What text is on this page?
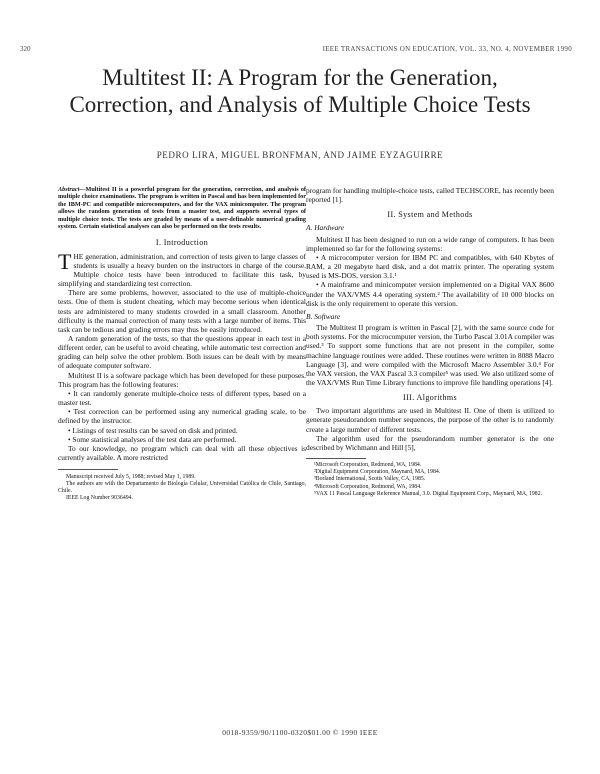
320	IEEE TRANSACTIONS ON EDUCATION, VOL. 33, NO. 4, NOVEMBER 1990
Multitest II: A Program for the Generation, Correction, and Analysis of Multiple Choice Tests
PEDRO LIRA, MIGUEL BRONFMAN, AND JAIME EYZAGUIRRE

Abstract—Multitest II is a powerful program for the generation, correction, and analysis of multiple choice examinations. The program is written in Pascal and has been implemented for the IBM-PC and compatible microcomputers, and for the VAX minicomputer. The program allows the random generation of tests from a master test, and supports several types of multiple choice tests. The tests are graded by means of a user-definable numerical grading system. Certain statistical analyses can also be performed on the tests results.

I. Introduction

THE generation, administration, and correction of tests given to large classes of students is usually a heavy burden on the instructors in charge of the course. Multiple choice tests have been introduced to facilitate this task, by simplifying and standardizing test correction.

There are some problems, however, associated to the use of multiple-choice tests. One of them is student cheating, which may become serious when identical tests are administered to many students crowded in a small classroom. Another difficulty is the manual correction of many tests with a large number of items. This task can be tedious and grading errors may thus be easily introduced.

A random generation of the tests, so that the questions appear in each test in a different order, can be useful to avoid cheating, while automatic test correction and grading can help solve the other problem. Both issues can be dealt with by means of adequate computer software.

Multitest II is a software package which has been developed for these purposes. This program has the following features:

• It can randomly generate multiple-choice tests of different types, based on a master test.

• Test correction can be performed using any numerical grading scale, to be defined by the instructor.

• Listings of test results can be saved on disk and printed.

• Some statistical analyses of the test data are performed.

To our knowledge, no program which can deal with all these objectives is currently available. A more restricted

Manuscript received July 5, 1988; revised May 1, 1989.

The authors are with the Departamento de Biología Celular, Universidad Católica de Chile, Santiago, Chile.

IEEE Log Number 9036494.

program for handling multiple-choice tests, called TECHSCORE, has recently been reported [1].

II. System and Methods
A. Hardware

Multitest II has been designed to run on a wide range of computers. It has been implemented so far for the following systems:

• A microcomputer version for IBM PC and compatibles, with 640 Kbytes of RAM, a 20 megabyte hard disk, and a dot matrix printer. The operating system used is MS-DOS, version 3.1.¹

• A mainframe and minicomputer version implemented on a Digital VAX 8600 under the VAX/VMS 4.4 operating system.² The availability of 10 000 blocks on disk is the only requirement to operate this version.

B. Software

The Multitest II program is written in Pascal [2], with the same source code for both systems. For the microcomputer version, the Turbo Pascal 3.01A compiler was used.³ To support some functions that are not present in the compiler, some machine language routines were added. These routines were written in 8088 Macro Language [3], and were compiled with the Microsoft Macro Assembler 3.0.⁴ For the VAX version, the VAX Pascal 3.3 compiler⁵ was used. We also utilized some of the VAX/VMS Run Time Library functions to improve file handling operations [4].

III. Algorithms

Two important algorithms are used in Multitest II. One of them is utilized to generate pseudorandom number sequences, the purpose of the other is to randomly create a large number of different tests.

The algorithm used for the pseudorandom number generator is the one described by Wichmann and Hill [5],

¹Microsoft Corporation, Redmond, WA, 1984.

²Digital Equipment Corporation, Maynard, MA, 1984.

³Borland International, Scotts Valley, CA, 1985.

⁴Microsoft Corporation, Redmond, WA, 1984.

⁵VAX 11 Pascal Language Reference Manual, 3.0. Digital Equipment Corp., Maynard, MA, 1982.

0018-9359/90/1100-0320$01.00 © 1990 IEEE
